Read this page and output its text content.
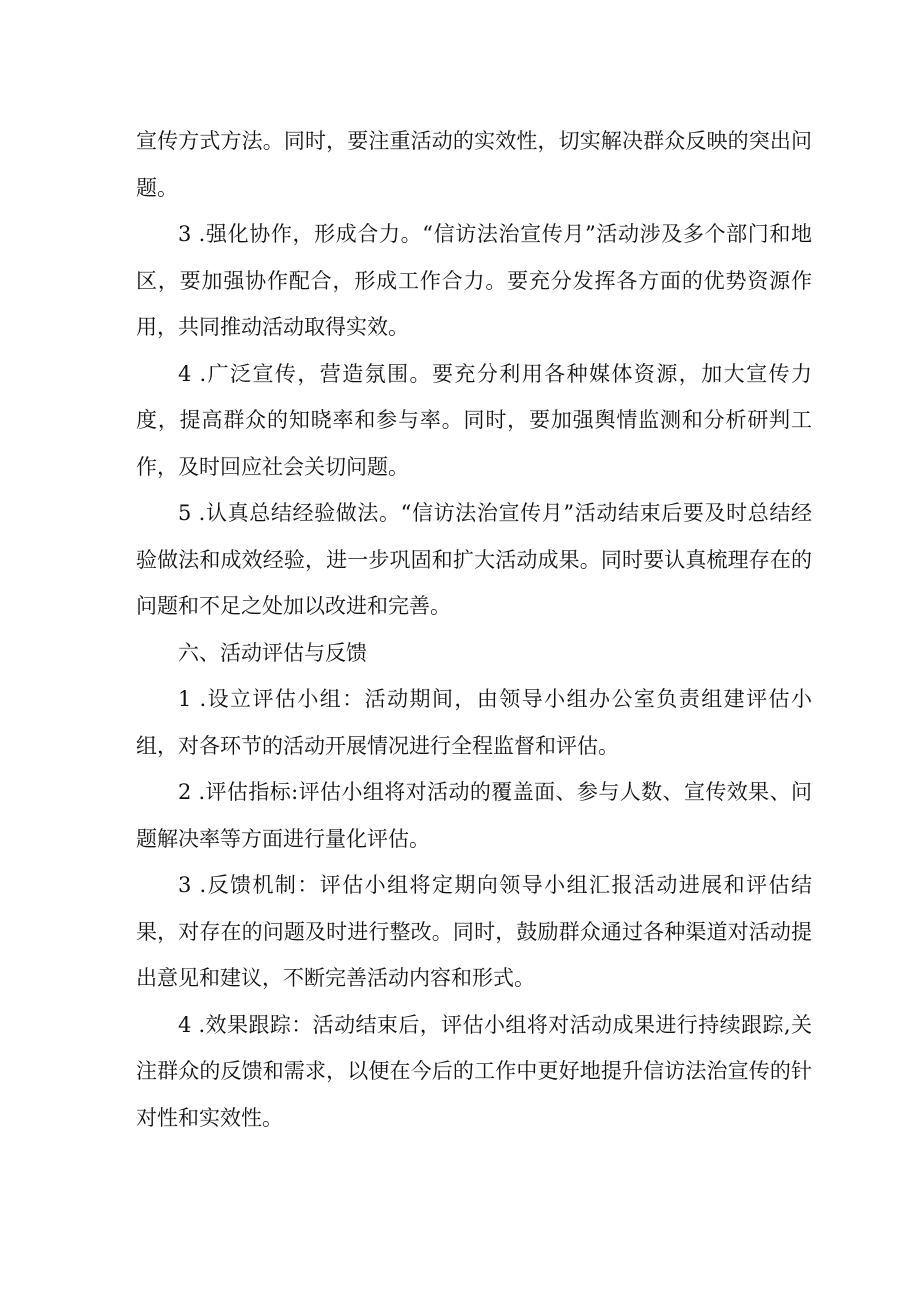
宣传方式方法。同时，要注重活动的实效性，切实解决群众反映的突出问题。

3 .强化协作，形成合力。“信访法治宣传月”活动涉及多个部门和地区，要加强协作配合，形成工作合力。要充分发挥各方面的优势资源作用，共同推动活动取得实效。

4 .广泛宣传，营造氛围。要充分利用各种媒体资源，加大宣传力度，提高群众的知晓率和参与率。同时，要加强舆情监测和分析研判工作，及时回应社会关切问题。

5 .认真总结经验做法。“信访法治宣传月”活动结束后要及时总结经验做法和成效经验，进一步巩固和扩大活动成果。同时要认真梳理存在的问题和不足之处加以改进和完善。

六、活动评估与反馈

1 .设立评估小组：活动期间，由领导小组办公室负责组建评估小组，对各环节的活动开展情况进行全程监督和评估。

2 .评估指标:评估小组将对活动的覆盖面、参与人数、宣传效果、问题解决率等方面进行量化评估。

3 .反馈机制：评估小组将定期向领导小组汇报活动进展和评估结果，对存在的问题及时进行整改。同时，鼓励群众通过各种渠道对活动提出意见和建议，不断完善活动内容和形式。

4 .效果跟踪：活动结束后，评估小组将对活动成果进行持续跟踪,关注群众的反馈和需求，以便在今后的工作中更好地提升信访法治宣传的针对性和实效性。
